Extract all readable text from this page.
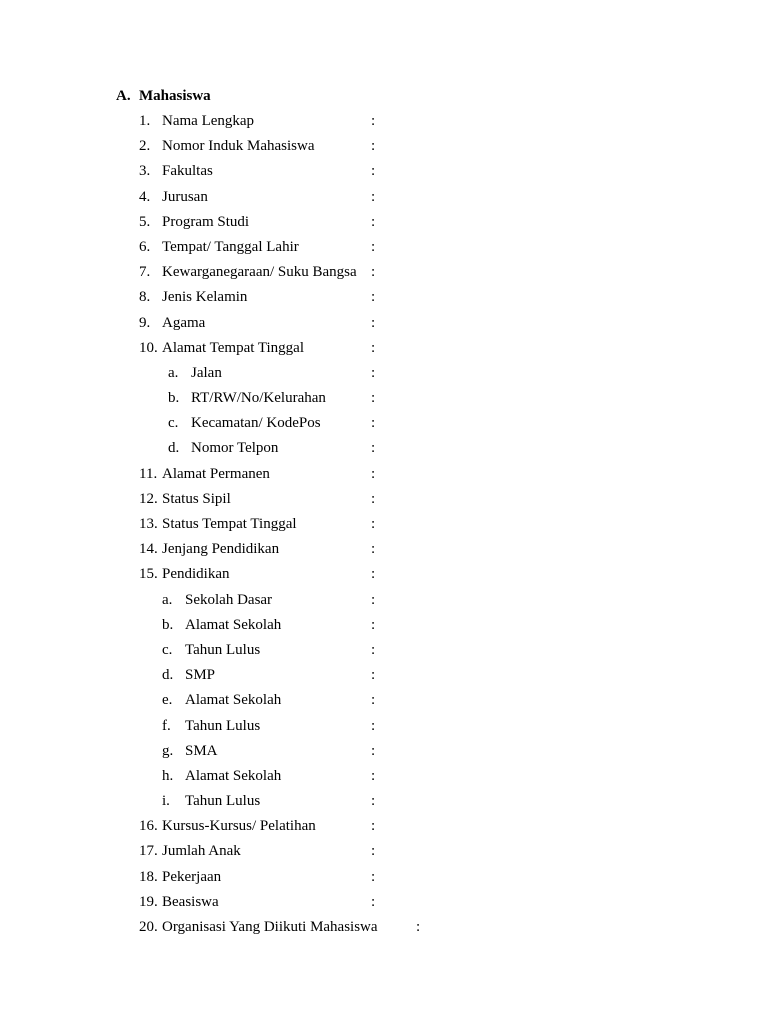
A. Mahasiswa
1. Nama Lengkap	:
2. Nomor Induk Mahasiswa	:
3. Fakultas	:
4. Jurusan	:
5. Program Studi	:
6. Tempat/ Tanggal Lahir	:
7. Kewarganegaraan/ Suku Bangsa :
8. Jenis Kelamin	:
9. Agama	:
10. Alamat Tempat Tinggal	:
a. Jalan	:
b. RT/RW/No/Kelurahan	:
c. Kecamatan/ KodePos	:
d. Nomor Telpon	:
11. Alamat Permanen	:
12. Status Sipil	:
13. Status Tempat Tinggal	:
14. Jenjang Pendidikan	:
15. Pendidikan	:
a. Sekolah Dasar	:
b. Alamat Sekolah	:
c. Tahun Lulus	:
d. SMP	:
e. Alamat Sekolah	:
f. Tahun Lulus	:
g. SMA	:
h. Alamat Sekolah	:
i. Tahun Lulus	:
16. Kursus-Kursus/ Pelatihan	:
17. Jumlah Anak	:
18. Pekerjaan	:
19. Beasiswa	:
20. Organisasi Yang Diikuti Mahasiswa	:
